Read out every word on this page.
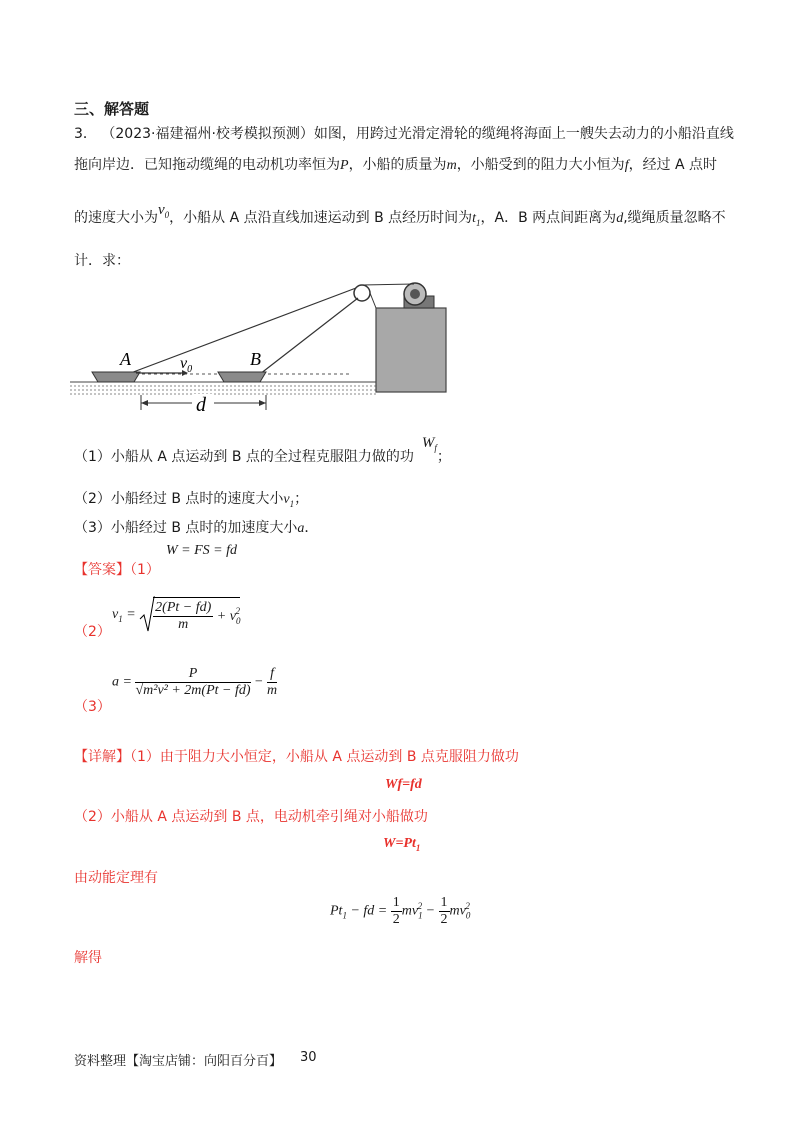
三、解答题
3． （2023·福建福州·校考模拟预测）如图，用跨过光滑定滑轮的缆绳将海面上一艘失去动力的小船沿直线
拖向岸边．已知拖动缆绳的电动机功率恒为P，小船的质量为m，小船受到的阻力大小恒为f，经过 A 点时
的速度大小为$v_0$，小船从 A 点沿直线加速运动到 B 点经历时间为$t_1$，A．B 两点间距离为d,缆绳质量忽略不
计．求：
A	B
$v_0$
d
（1）小船从 A 点运动到 B 点的全过程克服阻力做的功$W_f$；
（2）小船经过 B 点时的速度大小$v_1$；
（3）小船经过 B 点时的加速度大小a．
W = FS = fd
【答案】（1）
（2）
$v_1 = \frac{2(Pt - fd)}{m} + v_0^2$
（3）
$a = \frac{P}{\text{√m²v² + 2m(Pt − fd)}} - \frac{f}{m}$
【详解】（1）由于阻力大小恒定，小船从 A 点运动到 B 点克服阻力做功
Wf=fd
（2）小船从 A 点运动到 B 点，电动机牵引绳对小船做功
$W=Pt_1$
由动能定理有
$Pt_1$ − fd = $\frac{1}{2} mv_1^2 - \frac{1}{2} mv_0^2$
解得
资料整理【淘宝店铺：向阳百分百】 30
